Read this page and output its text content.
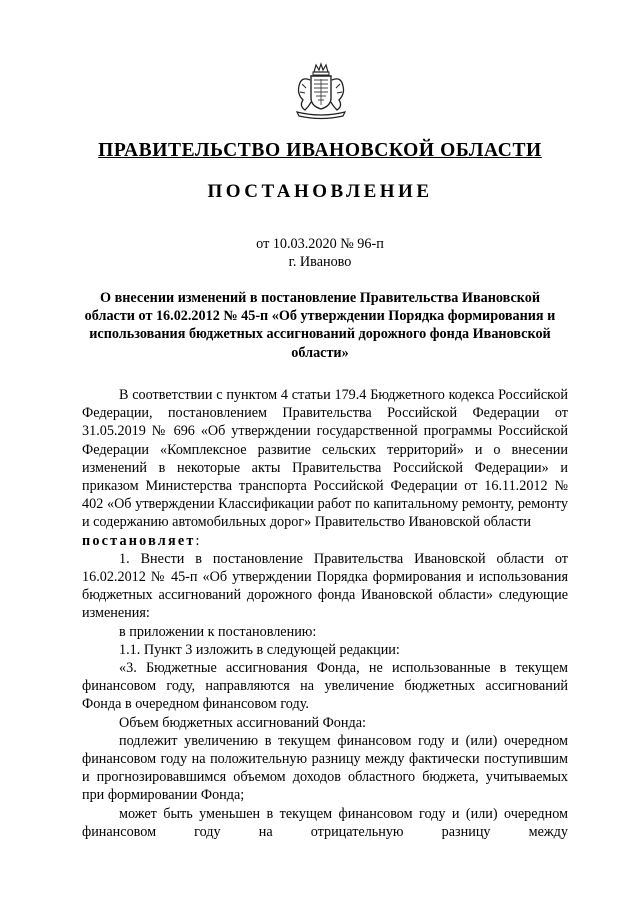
ПРАВИТЕЛЬСТВО ИВАНОВСКОЙ ОБЛАСТИ
ПОСТАНОВЛЕНИЕ
от 10.03.2020 № 96-п
г. Иваново
О внесении изменений в постановление Правительства Ивановской области от 16.02.2012 № 45-п «Об утверждении Порядка формирования и использования бюджетных ассигнований дорожного фонда Ивановской области»

В соответствии с пунктом 4 статьи 179.4 Бюджетного кодекса Российской Федерации, постановлением Правительства Российской Федерации от 31.05.2019 № 696 «Об утверждении государственной программы Российской Федерации «Комплексное развитие сельских территорий» и о внесении изменений в некоторые акты Правительства Российской Федерации» и приказом Министерства транспорта Российской Федерации от 16.11.2012 № 402 «Об утверждении Классификации работ по капитальному ремонту, ремонту и содержанию автомобильных дорог» Правительство Ивановской области

постановляет:

1. Внести в постановление Правительства Ивановской области от 16.02.2012 № 45-п «Об утверждении Порядка формирования и использования бюджетных ассигнований дорожного фонда Ивановской области» следующие изменения:

в приложении к постановлению:

1.1. Пункт 3 изложить в следующей редакции:

«3. Бюджетные ассигнования Фонда, не использованные в текущем финансовом году, направляются на увеличение бюджетных ассигнований Фонда в очередном финансовом году.

Объем бюджетных ассигнований Фонда:

подлежит увеличению в текущем финансовом году и (или) очередном финансовом году на положительную разницу между фактически поступившим и прогнозировавшимся объемом доходов областного бюджета, учитываемых при формировании Фонда;

может быть уменьшен в текущем финансовом году и (или) очередном финансовом году на отрицательную разницу между
